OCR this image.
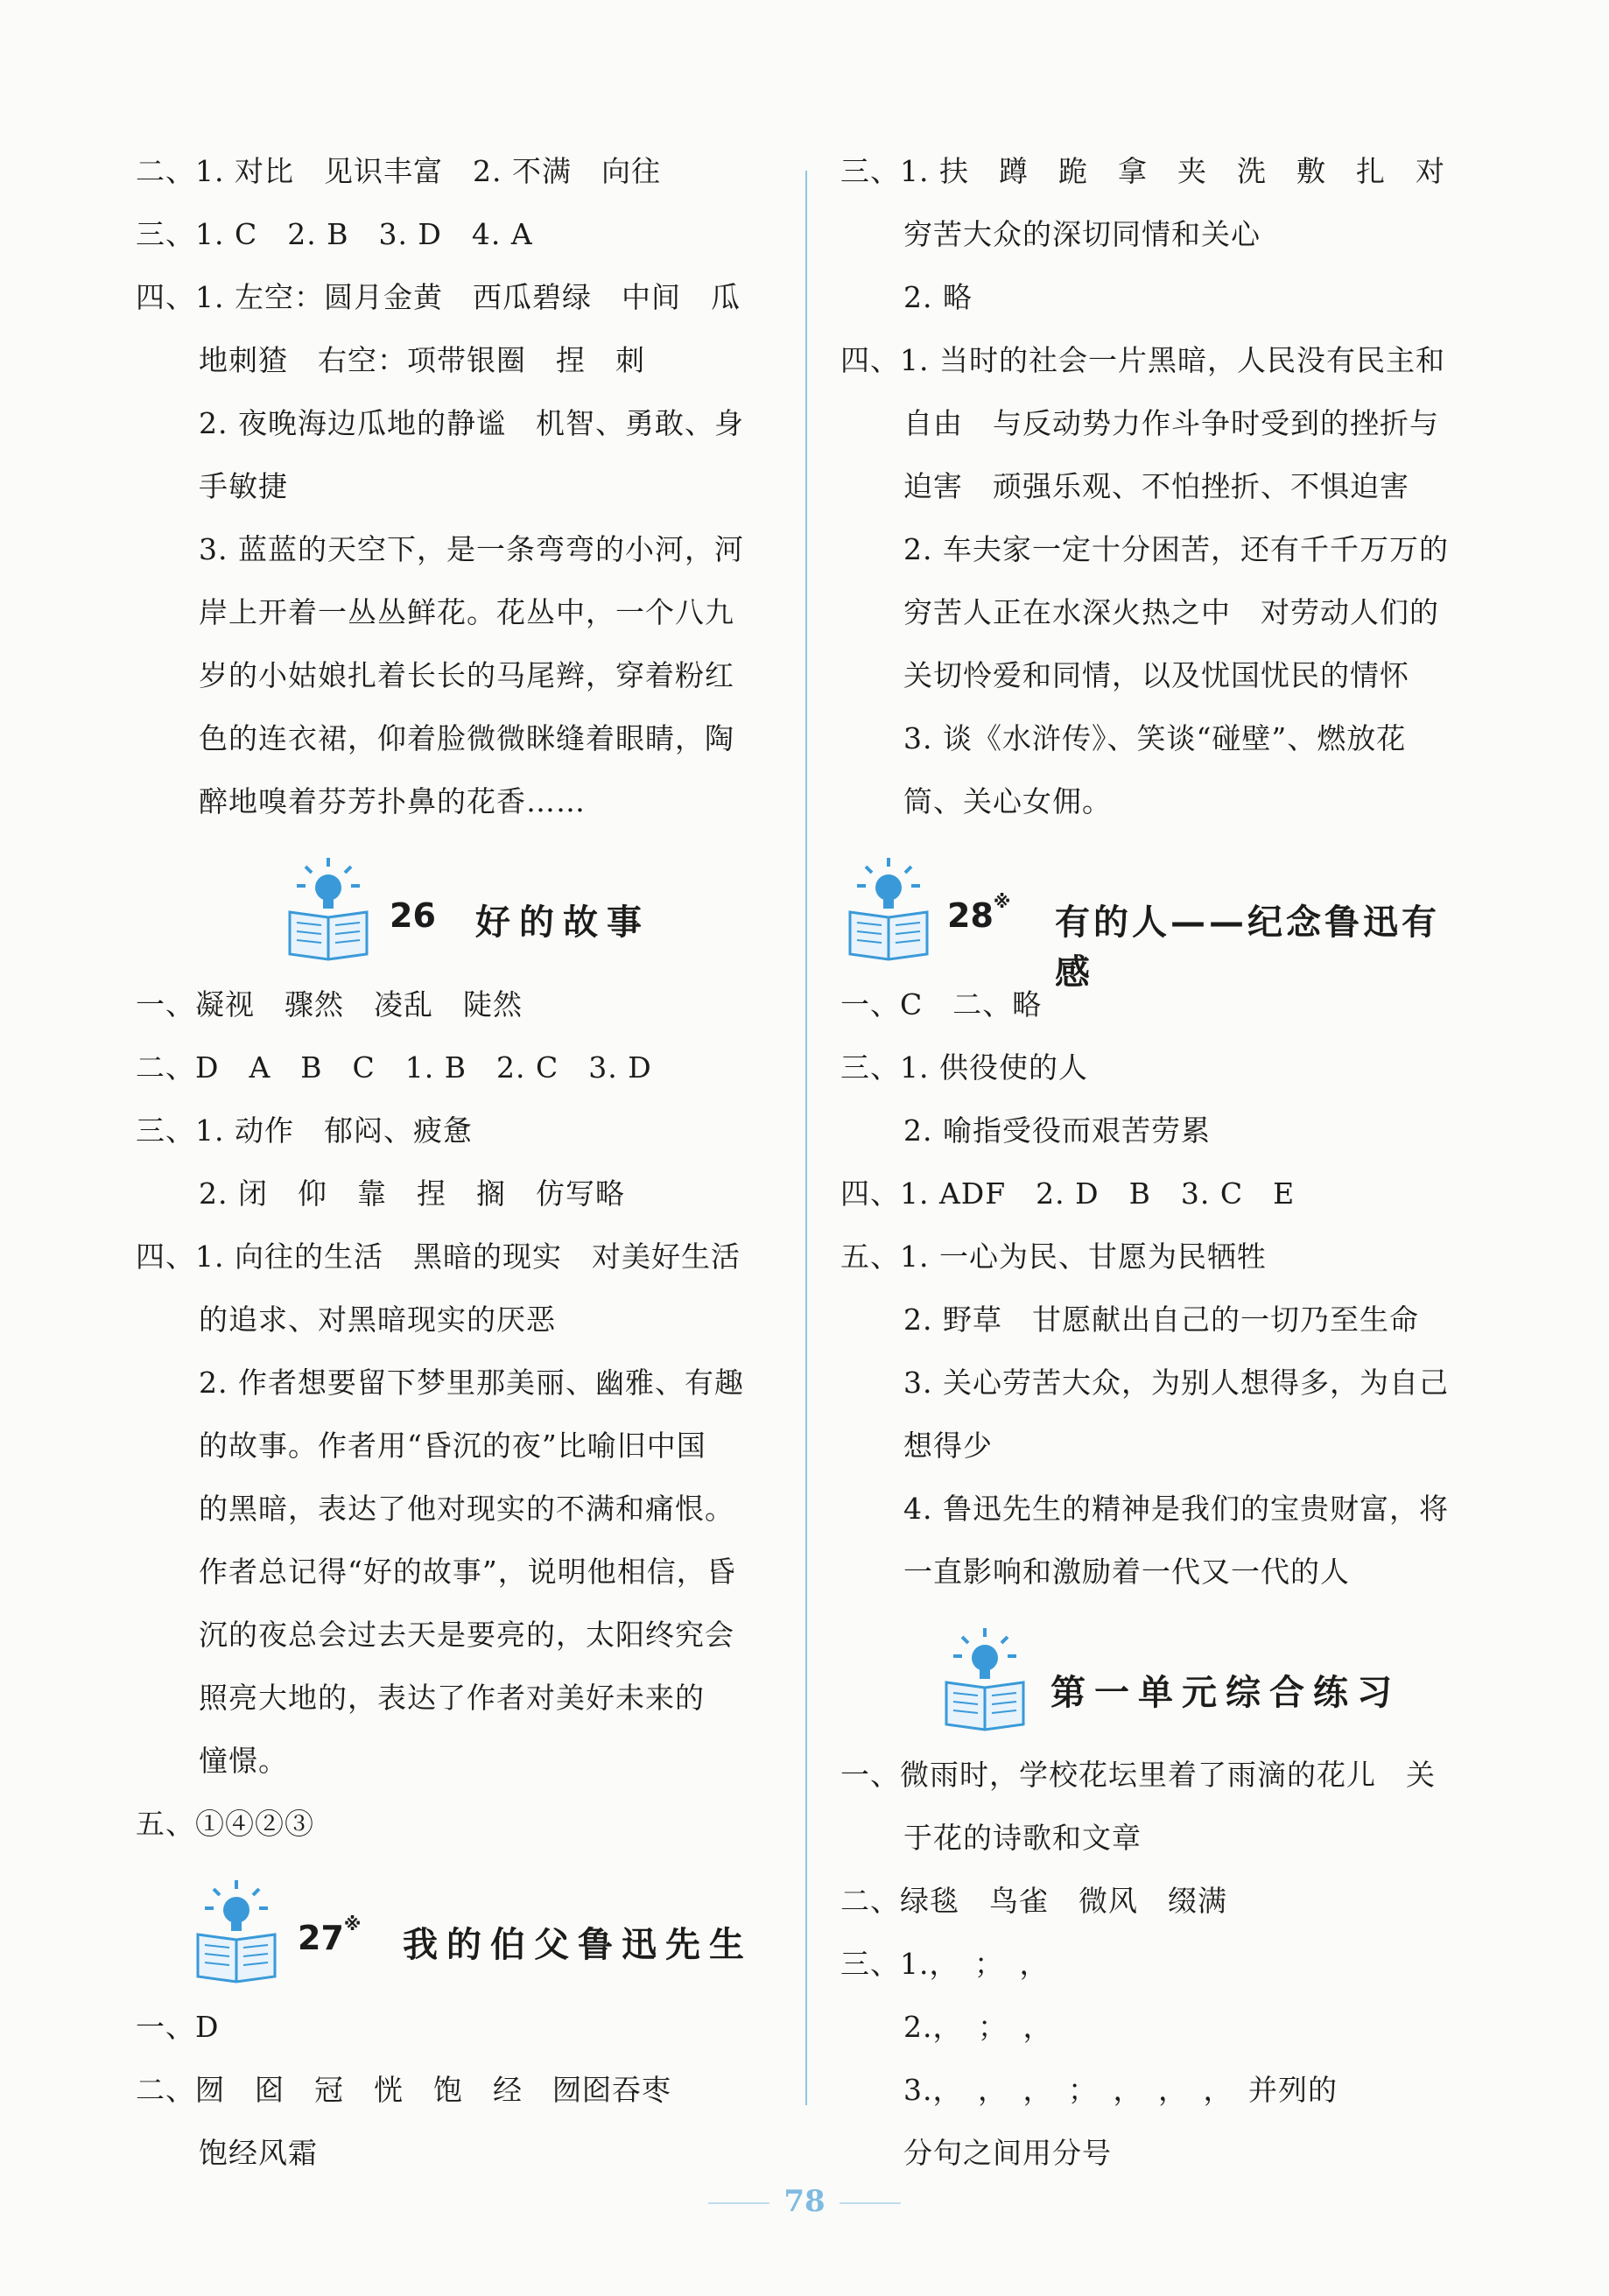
二、1. 对比　见识丰富　2. 不满　向往
三、1. C　2. B　3. D　4. A
四、1. 左空：圆月金黄　西瓜碧绿　中间　瓜
地刺猹　右空：项带银圈　捏　刺
2. 夜晚海边瓜地的静谧　机智、勇敢、身
手敏捷
3. 蓝蓝的天空下，是一条弯弯的小河，河
岸上开着一丛丛鲜花。花丛中，一个八九
岁的小姑娘扎着长长的马尾辫，穿着粉红
色的连衣裙，仰着脸微微眯缝着眼睛，陶
醉地嗅着芬芳扑鼻的花香……
26 好的故事
一、凝视　骤然　凌乱　陡然
二、D　A　B　C　1. B　2. C　3. D
三、1. 动作　郁闷、疲惫
2. 闭　仰　靠　捏　搁　仿写略
四、1. 向往的生活　黑暗的现实　对美好生活
的追求、对黑暗现实的厌恶
2. 作者想要留下梦里那美丽、幽雅、有趣
的故事。作者用“昏沉的夜”比喻旧中国
的黑暗，表达了他对现实的不满和痛恨。
作者总记得“好的故事”，说明他相信，昏
沉的夜总会过去天是要亮的，太阳终究会
照亮大地的，表达了作者对美好未来的
憧憬。
五、①④②③
27※
我的伯父鲁迅先生
一、D
二、囫　囵　冠　恍　饱　经　囫囵吞枣
饱经风霜
三、1. 扶　蹲　跪　拿　夹　洗　敷　扎　对
穷苦大众的深切同情和关心
2. 略
四、1. 当时的社会一片黑暗，人民没有民主和
自由　与反动势力作斗争时受到的挫折与
迫害　顽强乐观、不怕挫折、不惧迫害
2. 车夫家一定十分困苦，还有千千万万的
穷苦人正在水深火热之中　对劳动人们的
关切怜爱和同情，以及忧国忧民的情怀
3. 谈《水浒传》、笑谈“碰壁”、燃放花
筒、关心女佣。
28※
有的人——纪念鲁迅有感
一、C　二、略
三、1. 供役使的人
2. 喻指受役而艰苦劳累
四、1. ADF　2. D　B　3. C　E
五、1. 一心为民、甘愿为民牺牲
2. 野草　甘愿献出自己的一切乃至生命
3. 关心劳苦大众，为别人想得多，为自己
想得少
4. 鲁迅先生的精神是我们的宝贵财富，将
一直影响和激励着一代又一代的人
第一单元综合练习
一、微雨时，学校花坛里着了雨滴的花儿　关
于花的诗歌和文章
二、绿毯　鸟雀　微风　缀满
三、1.，　；　，
2.，　；　，
3.，　，　，　；　，　，　，　并列的
分句之间用分号
78
